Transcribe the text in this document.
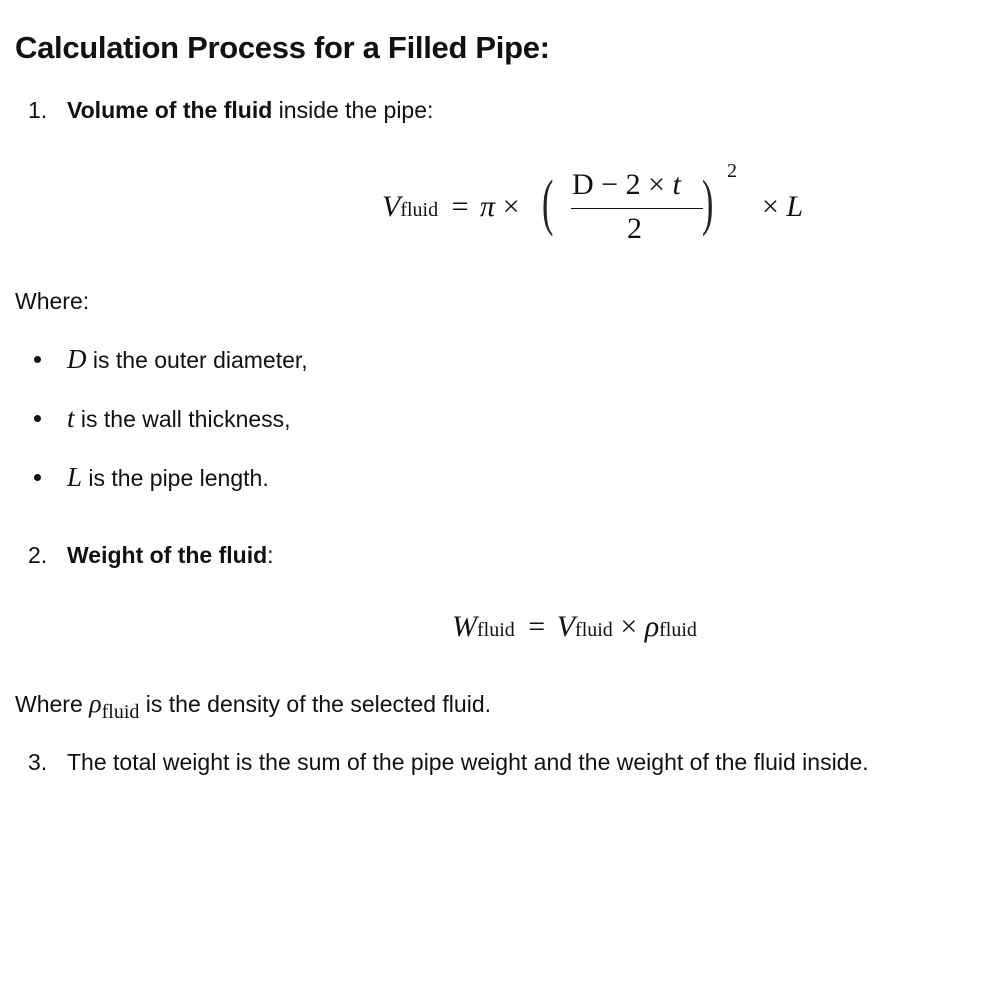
Calculation Process for a Filled Pipe:
1. Volume of the fluid inside the pipe:
Vfluid = π × ( D − 2 × t
2 ) 2
× L
Where:
D is the outer diameter,
t is the wall thickness,
L is the pipe length.
2. Weight of the fluid:
Wfluid = Vfluid × ρfluid
Where ρfluid is the density of the selected fluid.
3. The total weight is the sum of the pipe weight and the weight of the fluid inside.
